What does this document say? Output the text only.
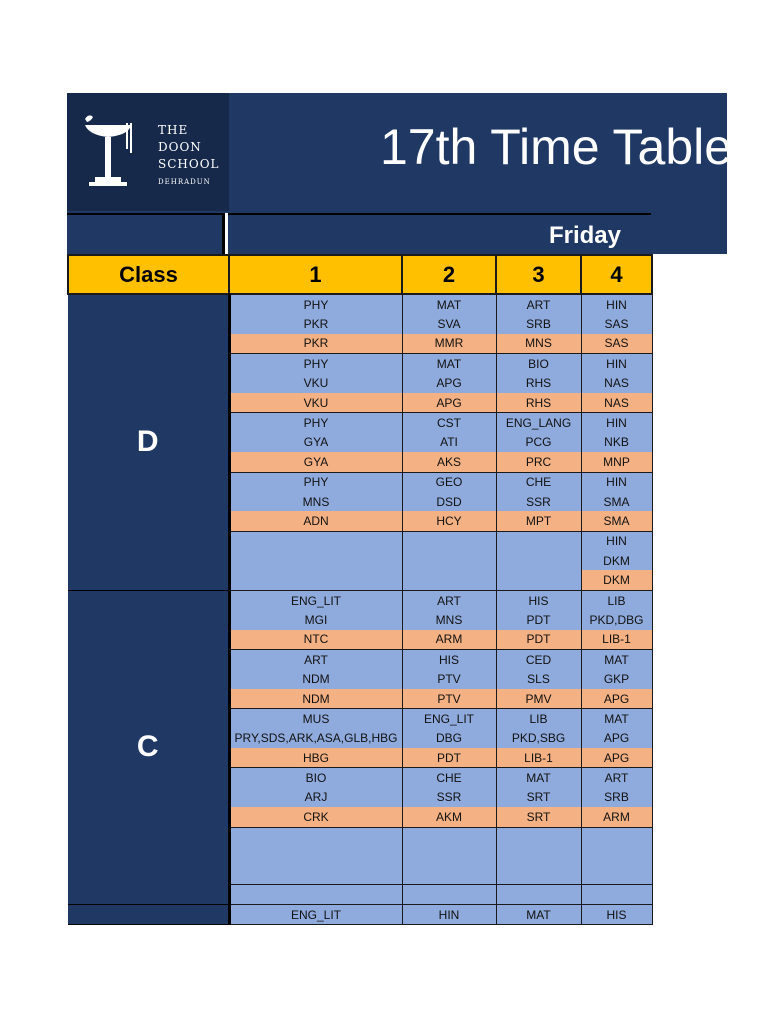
THE
DOON
SCHOOL
DEHRADUN
17th Time Table
Friday
Class	1	2	3	4
D	PHY	MAT	ART	HIN
	PKR	SVA	SRB	SAS
	PKR	MMR	MNS	SAS
	PHY	MAT	BIO	HIN
	VKU	APG	RHS	NAS
	VKU	APG	RHS	NAS
	PHY	CST	ENG_LANG	HIN
	GYA	ATI	PCG	NKB
	GYA	AKS	PRC	MNP
	PHY	GEO	CHE	HIN
	MNS	DSD	SSR	SMA
	ADN	HCY	MPT	SMA
				HIN
				DKM
				DKM
C	ENG_LIT	ART	HIS	LIB
	MGI	MNS	PDT	PKD,DBG
	NTC	ARM	PDT	LIB-1
	ART	HIS	CED	MAT
	NDM	PTV	SLS	GKP
	NDM	PTV	PMV	APG
	MUS	ENG_LIT	LIB	MAT
	PRY,SDS,ARK,ASA,GLB,HBG	DBG	PKD,SBG	APG
	HBG	PDT	LIB-1	APG
	BIO	CHE	MAT	ART
	ARJ	SSR	SRT	SRB
	CRK	AKM	SRT	ARM

	ENG_LIT	HIN	MAT	HIS
